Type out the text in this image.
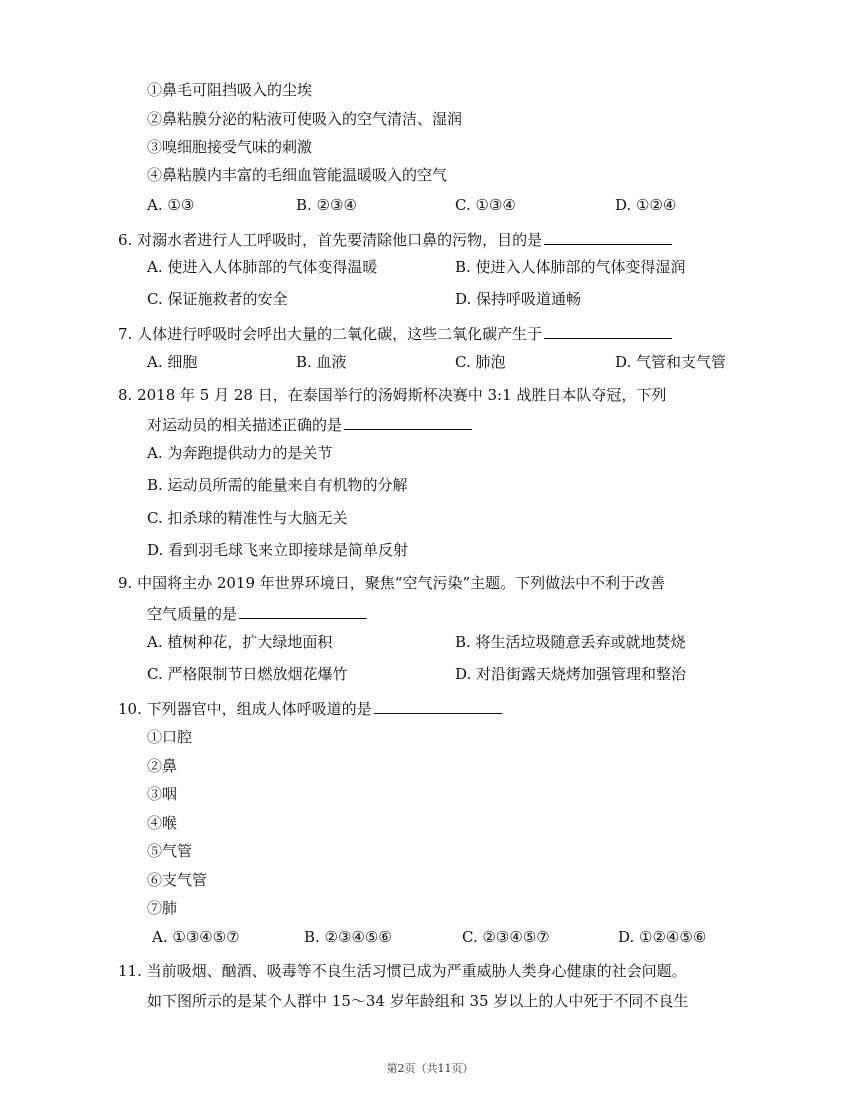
①鼻毛可阻挡吸入的尘埃
②鼻粘膜分泌的粘液可使吸入的空气清洁、湿润
③嗅细胞接受气味的刺激
④鼻粘膜内丰富的毛细血管能温暖吸入的空气
A. ①③	B. ②③④	C. ①③④	D. ①②④
6. 对溺水者进行人工呼吸时，首先要清除他口鼻的污物，目的是
A. 使进入人体肺部的气体变得温暖	B. 使进入人体肺部的气体变得湿润
C. 保证施救者的安全	D. 保持呼吸道通畅
7. 人体进行呼吸时会呼出大量的二氧化碳，这些二氧化碳产生于
A. 细胞	B. 血液	C. 肺泡	D. 气管和支气管
8. 2018 年 5 月 28 日，在泰国举行的汤姆斯杯决赛中 3:1 战胜日本队夺冠，下列
对运动员的相关描述正确的是
A. 为奔跑提供动力的是关节
B. 运动员所需的能量来自有机物的分解
C. 扣杀球的精准性与大脑无关
D. 看到羽毛球飞来立即接球是简单反射
9. 中国将主办 2019 年世界环境日，聚焦“空气污染”主题。下列做法中不利于改善
空气质量的是
A. 植树种花，扩大绿地面积	B. 将生活垃圾随意丢弃或就地焚烧
C. 严格限制节日燃放烟花爆竹	D. 对沿街露天烧烤加强管理和整治
10. 下列器官中，组成人体呼吸道的是
①口腔
②鼻
③咽
④喉
⑤气管
⑥支气管
⑦肺
A. ①③④⑤⑦	B. ②③④⑤⑥	C. ②③④⑤⑦	D. ①②④⑤⑥
11. 当前吸烟、酗酒、吸毒等不良生活习惯已成为严重威胁人类身心健康的社会问题。
如下图所示的是某个人群中 15～34 岁年龄组和 35 岁以上的人中死于不同不良生
第2页（共11页）
